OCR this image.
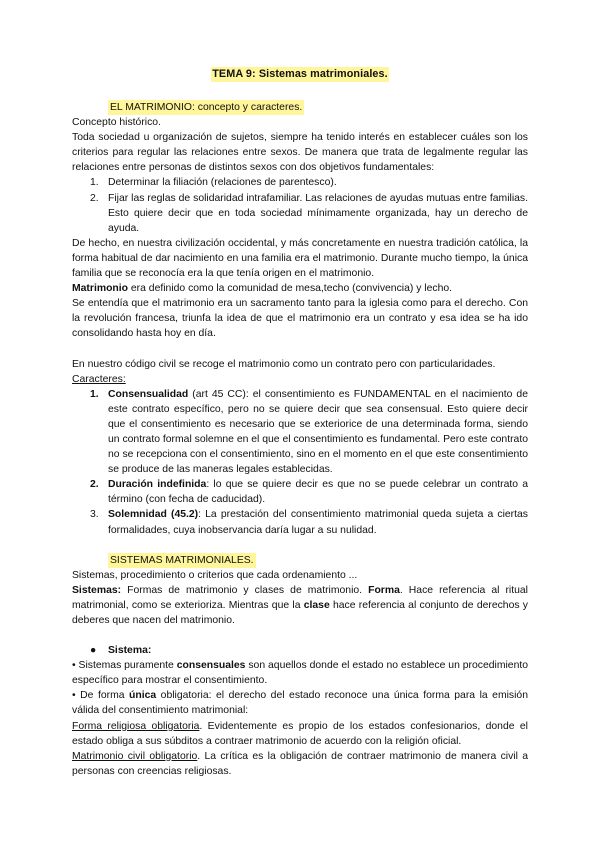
TEMA 9: Sistemas matrimoniales.

EL MATRIMONIO: concepto y caracteres.

Concepto histórico.

Toda sociedad u organización de sujetos, siempre ha tenido interés en establecer cuáles son los criterios para regular las relaciones entre sexos. De manera que trata de legalmente regular las relaciones entre personas de distintos sexos con dos objetivos fundamentales:

1. Determinar la filiación (relaciones de parentesco).
2. Fijar las reglas de solidaridad intrafamiliar. Las relaciones de ayudas mutuas entre familias. Esto quiere decir que en toda sociedad mínimamente organizada, hay un derecho de ayuda.

De hecho, en nuestra civilización occidental, y más concretamente en nuestra tradición católica, la forma habitual de dar nacimiento en una familia era el matrimonio. Durante mucho tiempo, la única familia que se reconocía era la que tenía origen en el matrimonio.

Matrimonio era definido como la comunidad de mesa,techo (convivencia) y lecho.

Se entendía que el matrimonio era un sacramento tanto para la iglesia como para el derecho. Con la revolución francesa, triunfa la idea de que el matrimonio era un contrato y esa idea se ha ido consolidando hasta hoy en día.

En nuestro código civil se recoge el matrimonio como un contrato pero con particularidades.

Caracteres:

1. Consensualidad (art 45 CC): el consentimiento es FUNDAMENTAL en el nacimiento de este contrato específico, pero no se quiere decir que sea consensual. Esto quiere decir que el consentimiento es necesario que se exteriorice de una determinada forma, siendo un contrato formal solemne en el que el consentimiento es fundamental. Pero este contrato no se recepciona con el consentimiento, sino en el momento en el que este consentimiento se produce de las maneras legales establecidas.
2. Duración indefinida: lo que se quiere decir es que no se puede celebrar un contrato a término (con fecha de caducidad).
3. Solemnidad (45.2): La prestación del consentimiento matrimonial queda sujeta a ciertas formalidades, cuya inobservancia daría lugar a su nulidad.

SISTEMAS MATRIMONIALES.

Sistemas, procedimiento o criterios que cada ordenamiento ...

Sistemas: Formas de matrimonio y clases de matrimonio. Forma. Hace referencia al ritual matrimonial, como se exterioriza. Mientras que la clase hace referencia al conjunto de derechos y deberes que nacen del matrimonio.

● Sistema:

• Sistemas puramente consensuales son aquellos donde el estado no establece un procedimiento específico para mostrar el consentimiento.

• De forma única obligatoria: el derecho del estado reconoce una única forma para la emisión válida del consentimiento matrimonial:

Forma religiosa obligatoria. Evidentemente es propio de los estados confesionarios, donde el estado obliga a sus súbditos a contraer matrimonio de acuerdo con la religión oficial.

Matrimonio civil obligatorio. La crítica es la obligación de contraer matrimonio de manera civil a personas con creencias religiosas.
